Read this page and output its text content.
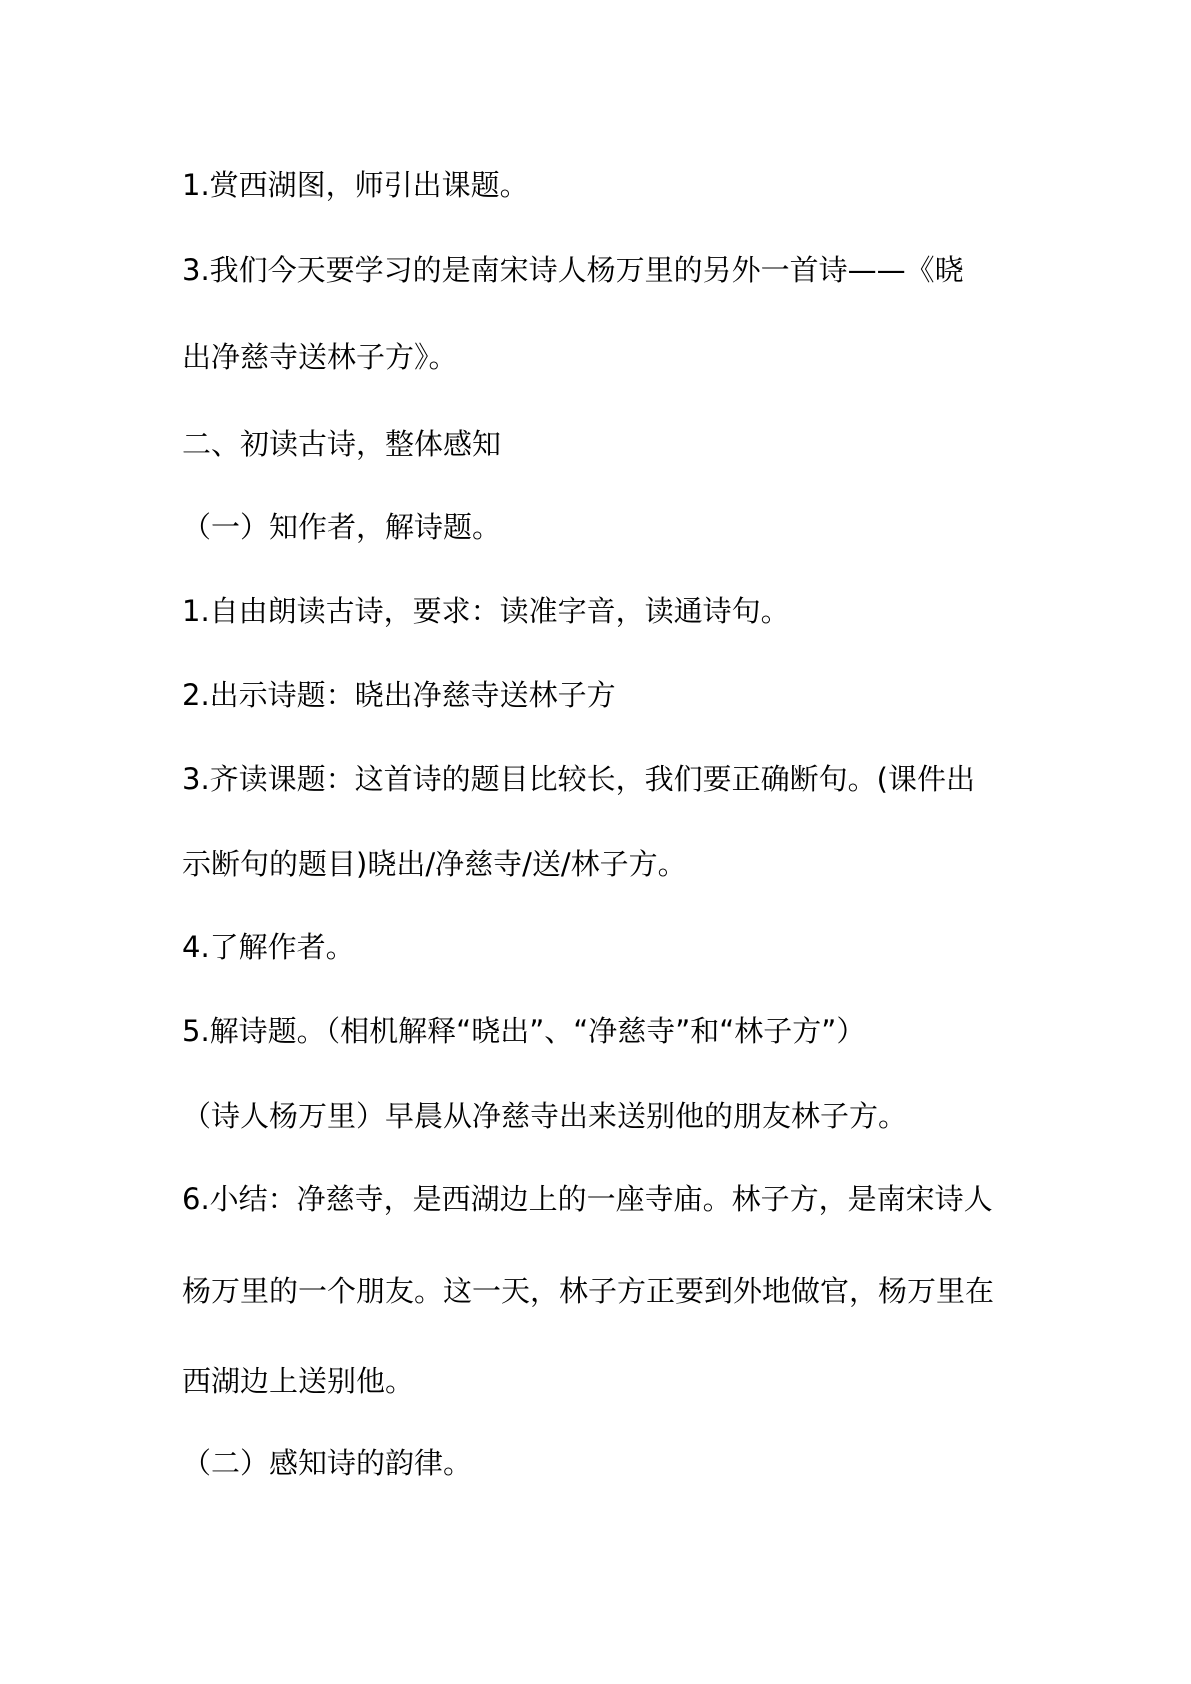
1.赏西湖图，师引出课题。

3.我们今天要学习的是南宋诗人杨万里的另外一首诗——《晓

出净慈寺送林子方》。

二、初读古诗，整体感知

（一）知作者，解诗题。

1.自由朗读古诗，要求：读准字音，读通诗句。

2.出示诗题：晓出净慈寺送林子方

3.齐读课题：这首诗的题目比较长，我们要正确断句。(课件出

示断句的题目)晓出/净慈寺/送/林子方。

4.了解作者。

5.解诗题。（相机解释“晓出”、“净慈寺”和“林子方”）

（诗人杨万里）早晨从净慈寺出来送别他的朋友林子方。

6.小结：净慈寺，是西湖边上的一座寺庙。林子方，是南宋诗人

杨万里的一个朋友。这一天，林子方正要到外地做官，杨万里在

西湖边上送别他。

（二）感知诗的韵律。
